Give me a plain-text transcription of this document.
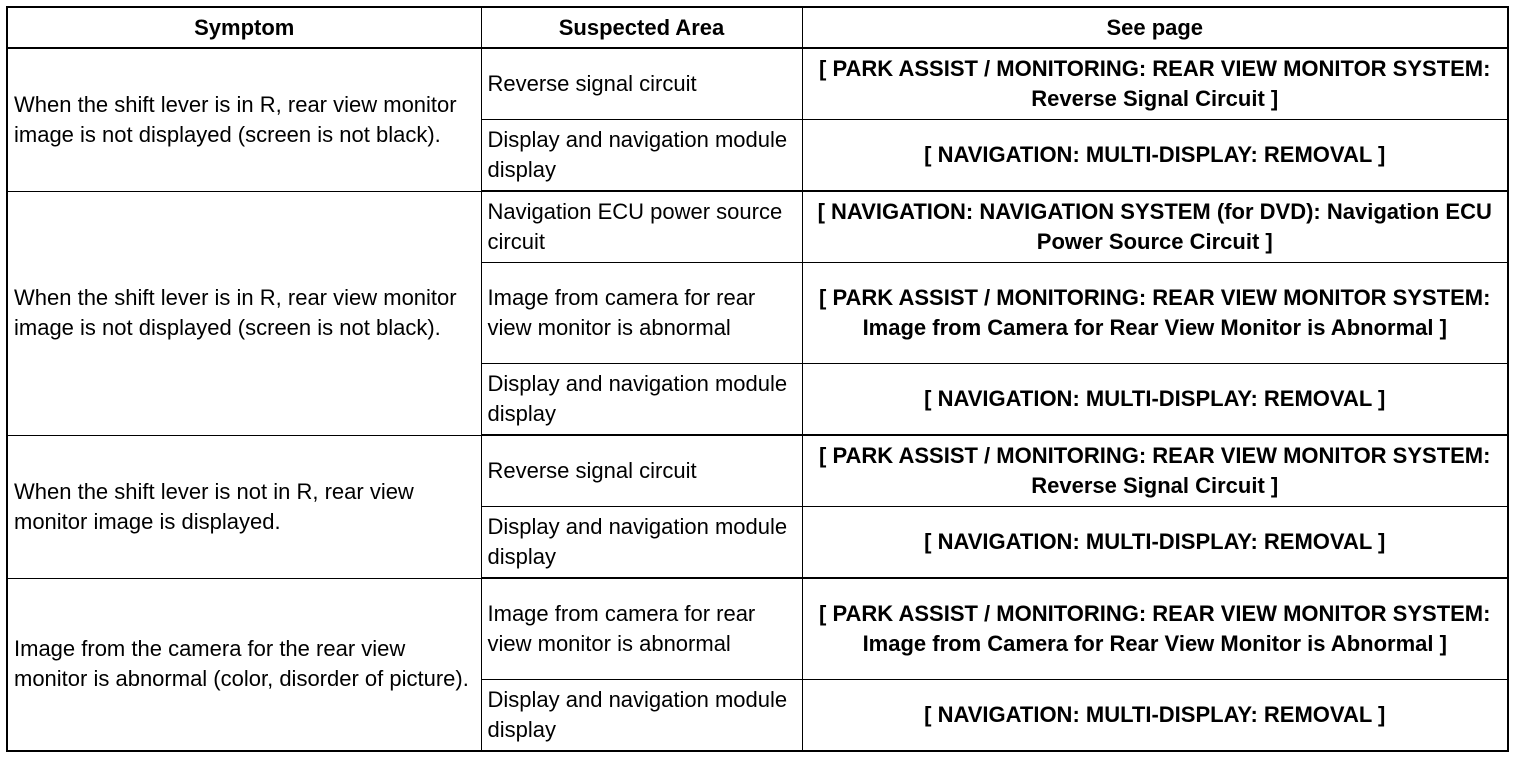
Symptom	Suspected Area	See page
When the shift lever is in R, rear view monitor image is not displayed (screen is not black).	Reverse signal circuit	[ PARK ASSIST / MONITORING: REAR VIEW MONITOR SYSTEM: Reverse Signal Circuit ]
	Display and navigation module display	[ NAVIGATION: MULTI-DISPLAY: REMOVAL ]
When the shift lever is in R, rear view monitor image is not displayed (screen is not black).	Navigation ECU power source circuit	[ NAVIGATION: NAVIGATION SYSTEM (for DVD): Navigation ECU Power Source Circuit ]
	Image from camera for rear view monitor is abnormal	[ PARK ASSIST / MONITORING: REAR VIEW MONITOR SYSTEM: Image from Camera for Rear View Monitor is Abnormal ]
	Display and navigation module display	[ NAVIGATION: MULTI-DISPLAY: REMOVAL ]
When the shift lever is not in R, rear view monitor image is displayed.	Reverse signal circuit	[ PARK ASSIST / MONITORING: REAR VIEW MONITOR SYSTEM: Reverse Signal Circuit ]
	Display and navigation module display	[ NAVIGATION: MULTI-DISPLAY: REMOVAL ]
Image from the camera for the rear view monitor is abnormal (color, disorder of picture).	Image from camera for rear view monitor is abnormal	[ PARK ASSIST / MONITORING: REAR VIEW MONITOR SYSTEM: Image from Camera for Rear View Monitor is Abnormal ]
	Display and navigation module display	[ NAVIGATION: MULTI-DISPLAY: REMOVAL ]
